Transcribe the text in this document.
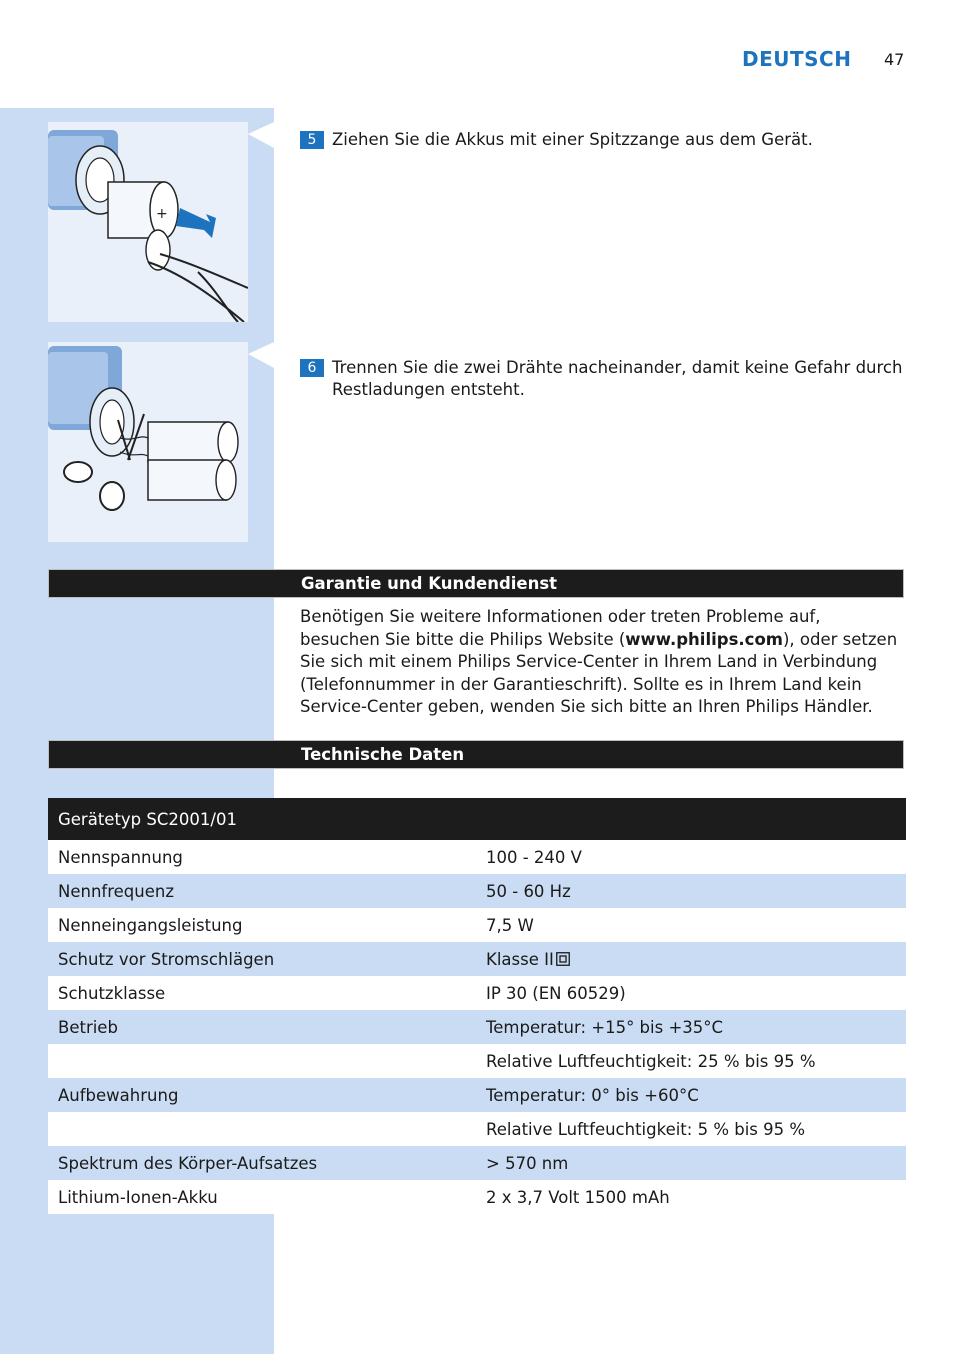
DEUTSCH 47
+
5 Ziehen Sie die Akkus mit einer Spitzzange aus dem Gerät.
6 Trennen Sie die zwei Drähte nacheinander, damit keine Gefahr durch Restladungen entsteht.
Garantie und Kundendienst
Benötigen Sie weitere Informationen oder treten Probleme auf, besuchen Sie bitte die Philips Website (www.philips.com), oder setzen Sie sich mit einem Philips Service-Center in Ihrem Land in Verbindung (Telefonnummer in der Garantieschrift). Sollte es in Ihrem Land kein Service-Center geben, wenden Sie sich bitte an Ihren Philips Händler.
Technische Daten
Gerätetyp SC2001/01	
Nennspannung	100 - 240 V
Nennfrequenz	50 - 60 Hz
Nenneingangsleistung	7,5 W
Schutz vor Stromschlägen	Klasse II
Schutzklasse	IP 30 (EN 60529)
Betrieb	Temperatur: +15° bis +35°C
	Relative Luftfeuchtigkeit: 25 % bis 95 %
Aufbewahrung	Temperatur: 0° bis +60°C
	Relative Luftfeuchtigkeit: 5 % bis 95 %
Spektrum des Körper-Aufsatzes	> 570 nm
Lithium-Ionen-Akku	2 x 3,7 Volt 1500 mAh
